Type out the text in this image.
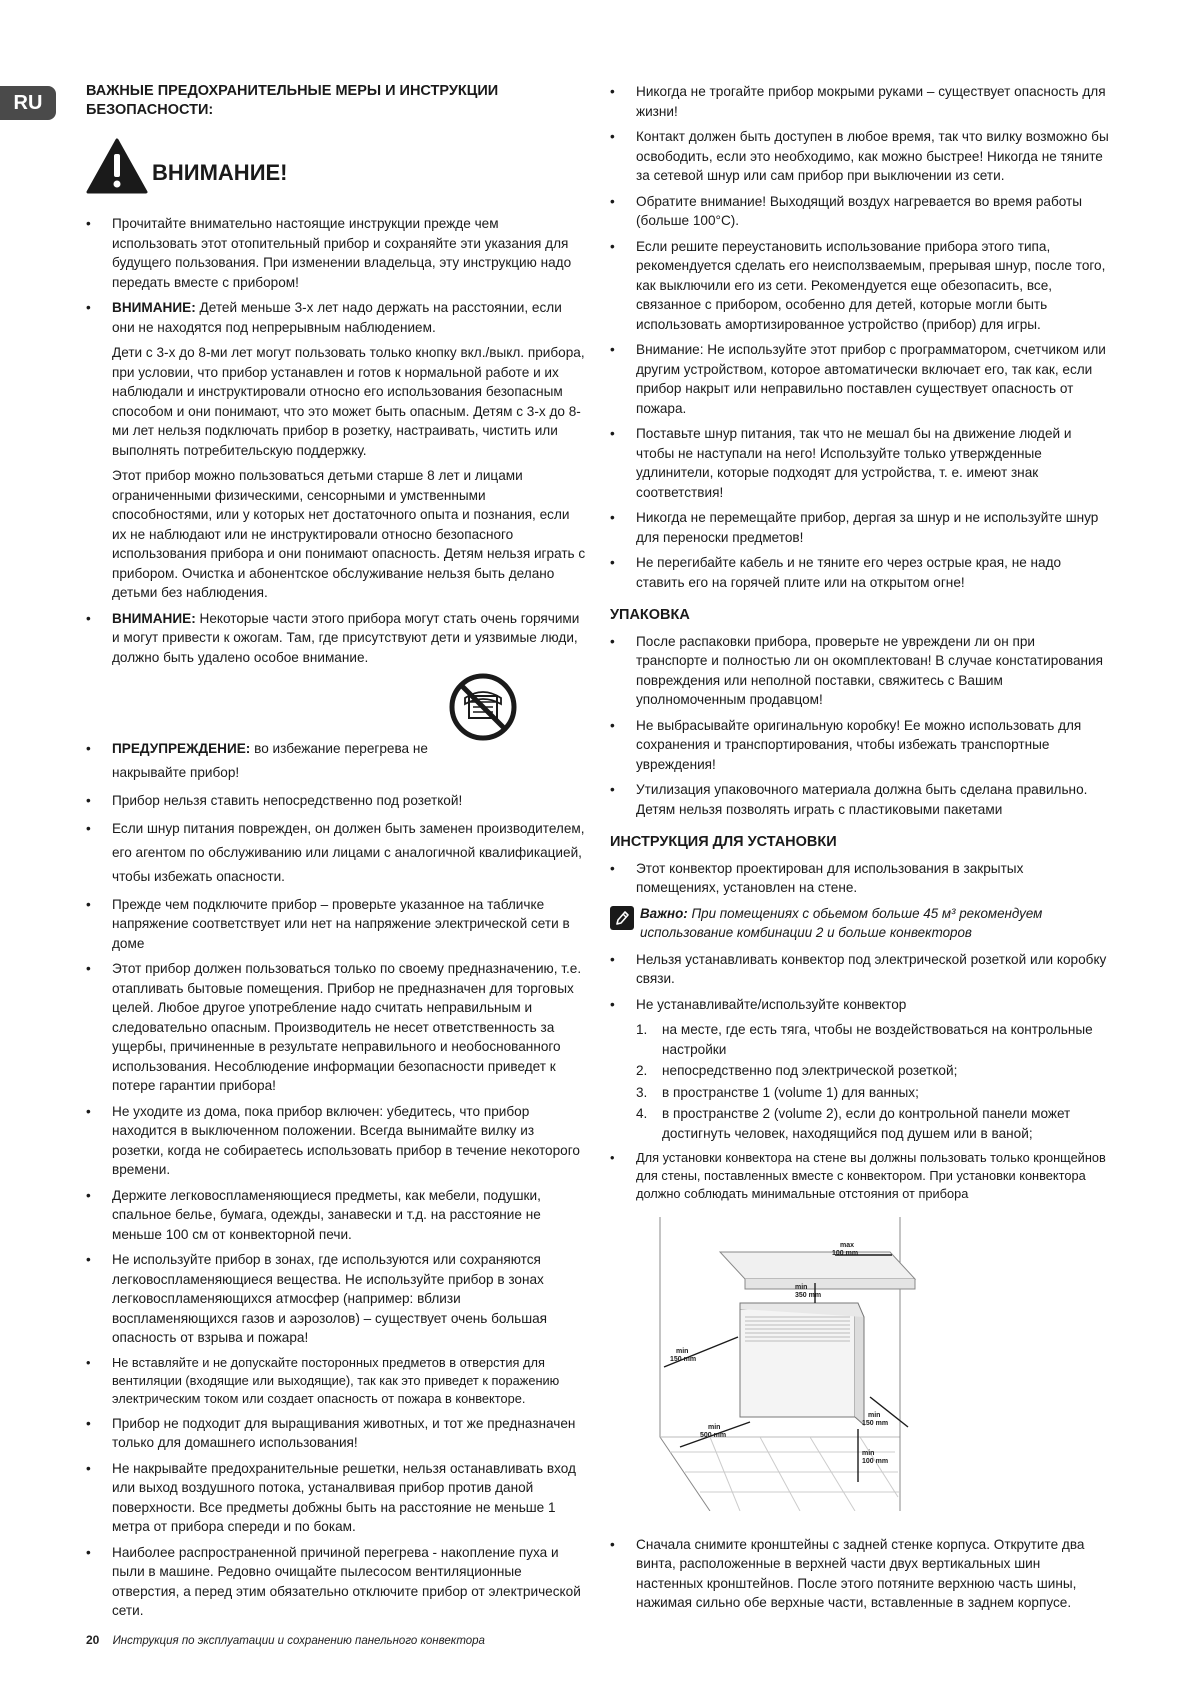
RU
ВАЖНЫЕ ПРЕДОХРАНИТЕЛЬНЫЕ МЕРЫ И ИНСТРУКЦИИ БЕЗОПАСНОСТИ:
ВНИМАНИЕ!
• Прочитайте внимательно настоящие инструкции прежде чем использовать этот отопительный прибор и сохраняйте эти указания для будущего пользования. При изменении владельца, эту инструкцию надо передать вместе с прибором!
• ВНИМАНИЕ: Детей меньше 3-х лет надо держать на расстоянии, если они не находятся под непрерывным наблюдением.

Дети с 3-х до 8-ми лет могут пользовать только кнопку вкл./выкл. прибора, при условии, что прибор устанавлен и готов к нормальной работе и их наблюдали и инструктировали относно его использования безопасным способом и они понимают, что это может быть опасным. Детям с 3-х до 8-ми лет нельзя подключать прибор в розетку, настраивать, чистить или выполнять потребительскую поддержку.

Этот прибор можно пользоваться детьми старше 8 лет и лицами ограниченными физическими, сенсорными и умственными способностями, или у которых нет достаточного опыта и познания, если их не наблюдают или не инструктировали относно безопасного использования прибора и они понимают опасность. Детям нельзя играть с прибором. Очистка и абонентское обслуживание нельзя быть делано детьми без наблюдения.

• ВНИМАНИЕ: Некоторые части этого прибора могут стать очень горячими и могут привести к ожогам. Там, где присутствуют дети и уязвимые люди, должно быть удалено особое внимание.
• ПРЕДУПРЕЖДЕНИЕ: во избежание перегрева не накрывайте прибор!
• Прибор нельзя ставить непосредственно под розеткой!
• Если шнур питания поврежден, он должен быть заменен производителем, его агентом по обслуживанию или лицами с аналогичной квалификацией, чтобы избежать опасности.
• Прежде чем подключите прибор – проверьте указанное на табличке напряжение соответствует или нет на напряжение электрической сети в доме
• Этот прибор должен пользоваться только по своему предназначению, т.е. отапливать бытовые помещения. Прибор не предназначен для торговых целей. Любое другое употребление надо считать неправильным и следовательно опасным. Производитель не несет ответственность за ущербы, причиненные в результате неправильного и необоснованного использования. Несоблюдение информации безопасности приведет к потере гарантии прибора!
• Не уходите из дома, пока прибор включен: убедитесь, что прибор находится в выключенном положении. Всегда вынимайте вилку из розетки, когда не собираетесь использовать прибор в течение некоторого времени.
• Держите легковоспламеняющиеся предметы, как мебели, подушки, спальное белье, бумага, одежды, занавески и т.д. на расстояние не меньше 100 см от конвекторной печи.
• Не используйте прибор в зонах, где используются или сохраняются легковоспламеняющиеся вещества. Не используйте прибор в зонах легковоспламеняющихся атмосфер (например: вблизи воспламеняющихся газов и аэрозолов) – существует очень большая опасность от взрыва и пожара!
• Не вставляйте и не допускайте посторонных предметов в отверстия для вентиляции (входящие или выходящие), так как это приведет к поражению электрическим током или создает опасность от пожара в конвекторе.
• Прибор не подходит для выращивания животных, и тот же предназначен только для домашнего использования!
• Не накрывайте предохранительные решетки, нельзя останавливать вход или выход воздушного потока, устаналвивая прибор против даной поверхности. Все предметы добжны быть на расстояние не меньше 1 метра от прибора спереди и по бокам.
• Наиболее распространенной причиной перегрева - накопление пуха и пыли в машине. Редовно очищайте пылесосом вентиляционные отверстия, а перед этим обязательно отключите прибор от электрической сети.
• Никогда не трогайте прибор мокрыми руками – существует опасность для жизни!
• Контакт должен быть доступен в любое время, так что вилку возможно бы освободить, если это необходимо, как можно быстрее! Никогда не тяните за сетевой шнур или сам прибор при выключении из сети.
• Обратите внимание! Выходящий воздух нагревается во время работы (больше 100°C).
• Если решите переустановить использование прибора этого типа, рекомендуется сделать его неисползваемым, прерывая шнур, после того, как выключили его из сети. Рекомендуется еще обезопасить, все, связанное с прибором, особенно для детей, которые могли быть использовать амортизированное устройство (прибор) для игры.
• Внимание: Не используйте этот прибор с программатором, счетчиком или другим устройством, которое автоматически включает его, так как, если прибор накрыт или неправильно поставлен существует опасность от пожара.
• Поставьте шнур питания, так что не мешал бы на движение людей и чтобы не наступали на него! Используйте только утвержденные удлинители, которые подходят для устройства, т. е. имеют знак соответствия!
• Никогда не перемещайте прибор, дергая за шнур и не используйте шнур для переноски предметов!
• Не перегибайте кабель и не тяните его через острые края, не надо ставить его на горячей плите или на открытом огне!
УПАКОВКА
• После распаковки прибора, проверьте не увреждени ли он при транспорте и полностью ли он окомплектован! В случае констатирования повреждения или неполной поставки, свяжитесь с Вашим уполномоченным продавцом!
• Не выбрасывайте оригинальную коробку! Ее можно использовать для сохранения и транспортирования, чтобы избежать транспортные увреждения!
• Утилизация упаковочного материала должна быть сделана правильно. Детям нельзя позволять играть с пластиковыми пакетами
ИНСТРУКЦИЯ ДЛЯ УСТАНОВКИ
• Этот конвектор проектирован для использования в закрытых помещениях, установлен на стене.
Важно: При помещениях с обьемом больше 45 м³ рекомендуем использование комбинации 2 и больше конвекторов
• Нельзя устанавливать конвектор под электрической розеткой или коробку связи.
• Не устанавливайте/используйте конвектор
1. на месте, где есть тяга, чтобы не воздействоваться на контрольные настройки
2. непосредственно под электрической розеткой;
3. в пространстве 1 (volume 1) для ванных;
4. в пространстве 2 (volume 2), если до контрольной панели может достигнуть человек, находящийся под душем или в ваной;
• Для установки конвектора на стене вы должны пользовать только кронщейнов для стены, поставленных вместе с конвектором. При установки конвектора должно соблюдать минимальные отстояния от прибора
max
100 mm
min
350 mm
min
150 mm
min
500 mm
min
150 mm
min
100 mm
• Сначала снимите кронштейны с задней стенке корпуса. Открутите два винта, расположенные в верхней части двух вертикальных шин настенных кронштейнов. После этого потяните верхнюю часть шины, нажимая сильно обе верхные части, вставленные в заднем корпусе.
20 Инструкция по эксплуатации и сохранению панельного конвектора
